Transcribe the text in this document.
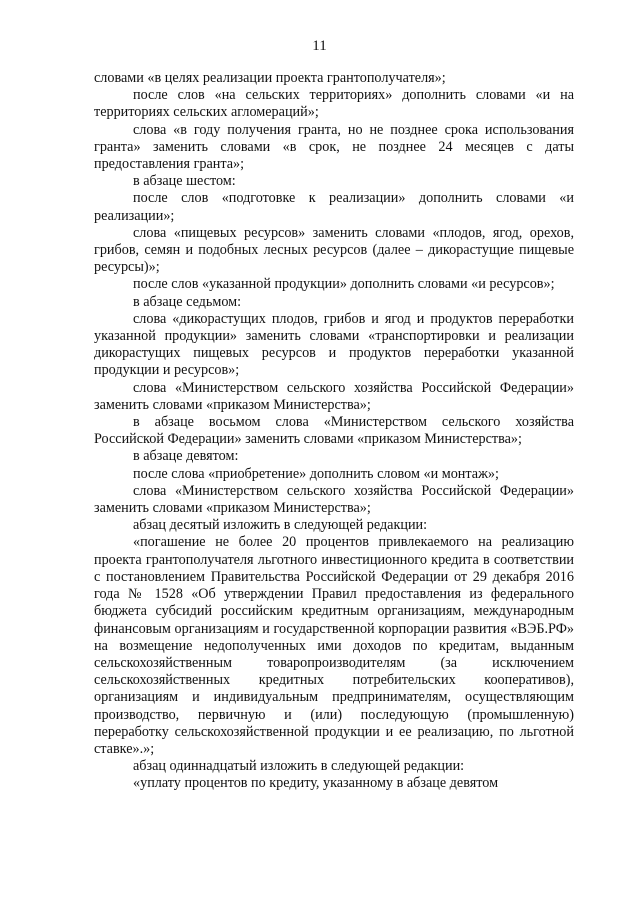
11

словами «в целях реализации проекта грантополучателя»;

после слов «на сельских территориях» дополнить словами «и на территориях сельских агломераций»;

слова «в году получения гранта, но не позднее срока использования гранта» заменить словами «в срок, не позднее 24 месяцев с даты предоставления гранта»;

в абзаце шестом:

после слов «подготовке к реализации» дополнить словами «и реализации»;

слова «пищевых ресурсов» заменить словами «плодов, ягод, орехов, грибов, семян и подобных лесных ресурсов (далее – дикорастущие пищевые ресурсы)»;

после слов «указанной продукции» дополнить словами «и ресурсов»;

в абзаце седьмом:

слова «дикорастущих плодов, грибов и ягод и продуктов переработки указанной продукции» заменить словами «транспортировки и реализации дикорастущих пищевых ресурсов и продуктов переработки указанной продукции и ресурсов»;

слова «Министерством сельского хозяйства Российской Федерации» заменить словами «приказом Министерства»;

в абзаце восьмом слова «Министерством сельского хозяйства Российской Федерации» заменить словами «приказом Министерства»;

в абзаце девятом:

после слова «приобретение» дополнить словом «и монтаж»;

слова «Министерством сельского хозяйства Российской Федерации» заменить словами «приказом Министерства»;

абзац десятый изложить в следующей редакции:

«погашение не более 20 процентов привлекаемого на реализацию проекта грантополучателя льготного инвестиционного кредита в соответствии с постановлением Правительства Российской Федерации от 29 декабря 2016 года № 1528 «Об утверждении Правил предоставления из федерального бюджета субсидий российским кредитным организациям, международным финансовым организациям и государственной корпорации развития «ВЭБ.РФ» на возмещение недополученных ими доходов по кредитам, выданным сельскохозяйственным товаропроизводителям (за исключением сельскохозяйственных кредитных потребительских кооперативов), организациям и индивидуальным предпринимателям, осуществляющим производство, первичную и (или) последующую (промышленную) переработку сельскохозяйственной продукции и ее реализацию, по льготной ставке».»;

абзац одиннадцатый изложить в следующей редакции:

«уплату процентов по кредиту, указанному в абзаце девятом
